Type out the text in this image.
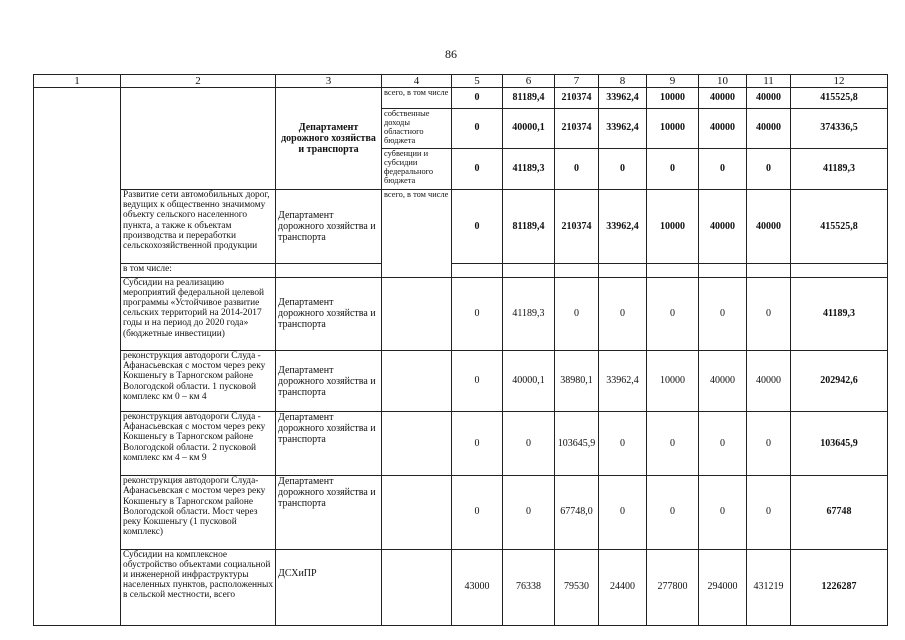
86
1	2	3	4	5	6	7	8	9	10	11	12
		Департамент дорожного хозяйства и транспорта	всего, в том числе	0	81189,4	210374	33962,4	10000	40000	40000	415525,8
			собственные доходы областного бюджета	0	40000,1	210374	33962,4	10000	40000	40000	374336,5
			субвенции и субсидии федерального бюджета	0	41189,3	0	0	0	0	0	41189,3
	Развитие сети автомобильных дорог, ведущих к общественно значимому объекту сельского населенного пункта, а также к объектам производства и переработки сельскохозяйственной продукции	Департамент дорожного хозяйства и транспорта	всего, в том числе	0	81189,4	210374	33962,4	10000	40000	40000	415525,8
	в том числе:										
	Субсидии на реализацию мероприятий федеральной целевой программы «Устойчивое развитие сельских территорий на 2014-2017 годы и на период до 2020 года» (бюджетные инвестиции)	Департамент дорожного хозяйства и транспорта		0	41189,3	0	0	0	0	0	41189,3
	реконструкция автодороги Слуда - Афанасьевская с мостом через реку Кокшеньгу в Тарногском районе Вологодской области. 1 пусковой комплекс км 0 – км 4	Департамент дорожного хозяйства и транспорта		0	40000,1	38980,1	33962,4	10000	40000	40000	202942,6
	реконструкция автодороги Слуда - Афанасьевская с мостом через реку Кокшеньгу в Тарногском районе Вологодской области. 2 пусковой комплекс км 4 – км 9	Департамент дорожного хозяйства и транспорта		0	0	103645,9	0	0	0	0	103645,9
	реконструкция автодороги Слуда-Афанасьевская с мостом через реку Кокшеньгу в Тарногском районе Вологодской области. Мост через реку Кокшеньгу (1 пусковой комплекс)	Департамент дорожного хозяйства и транспорта		0	0	67748,0	0	0	0	0	67748
	Субсидии на комплексное обустройство объектами социальной и инженерной инфраструктуры населенных пунктов, расположенных в сельской местности, всего	ДСХиПР		43000	76338	79530	24400	277800	294000	431219	1226287
